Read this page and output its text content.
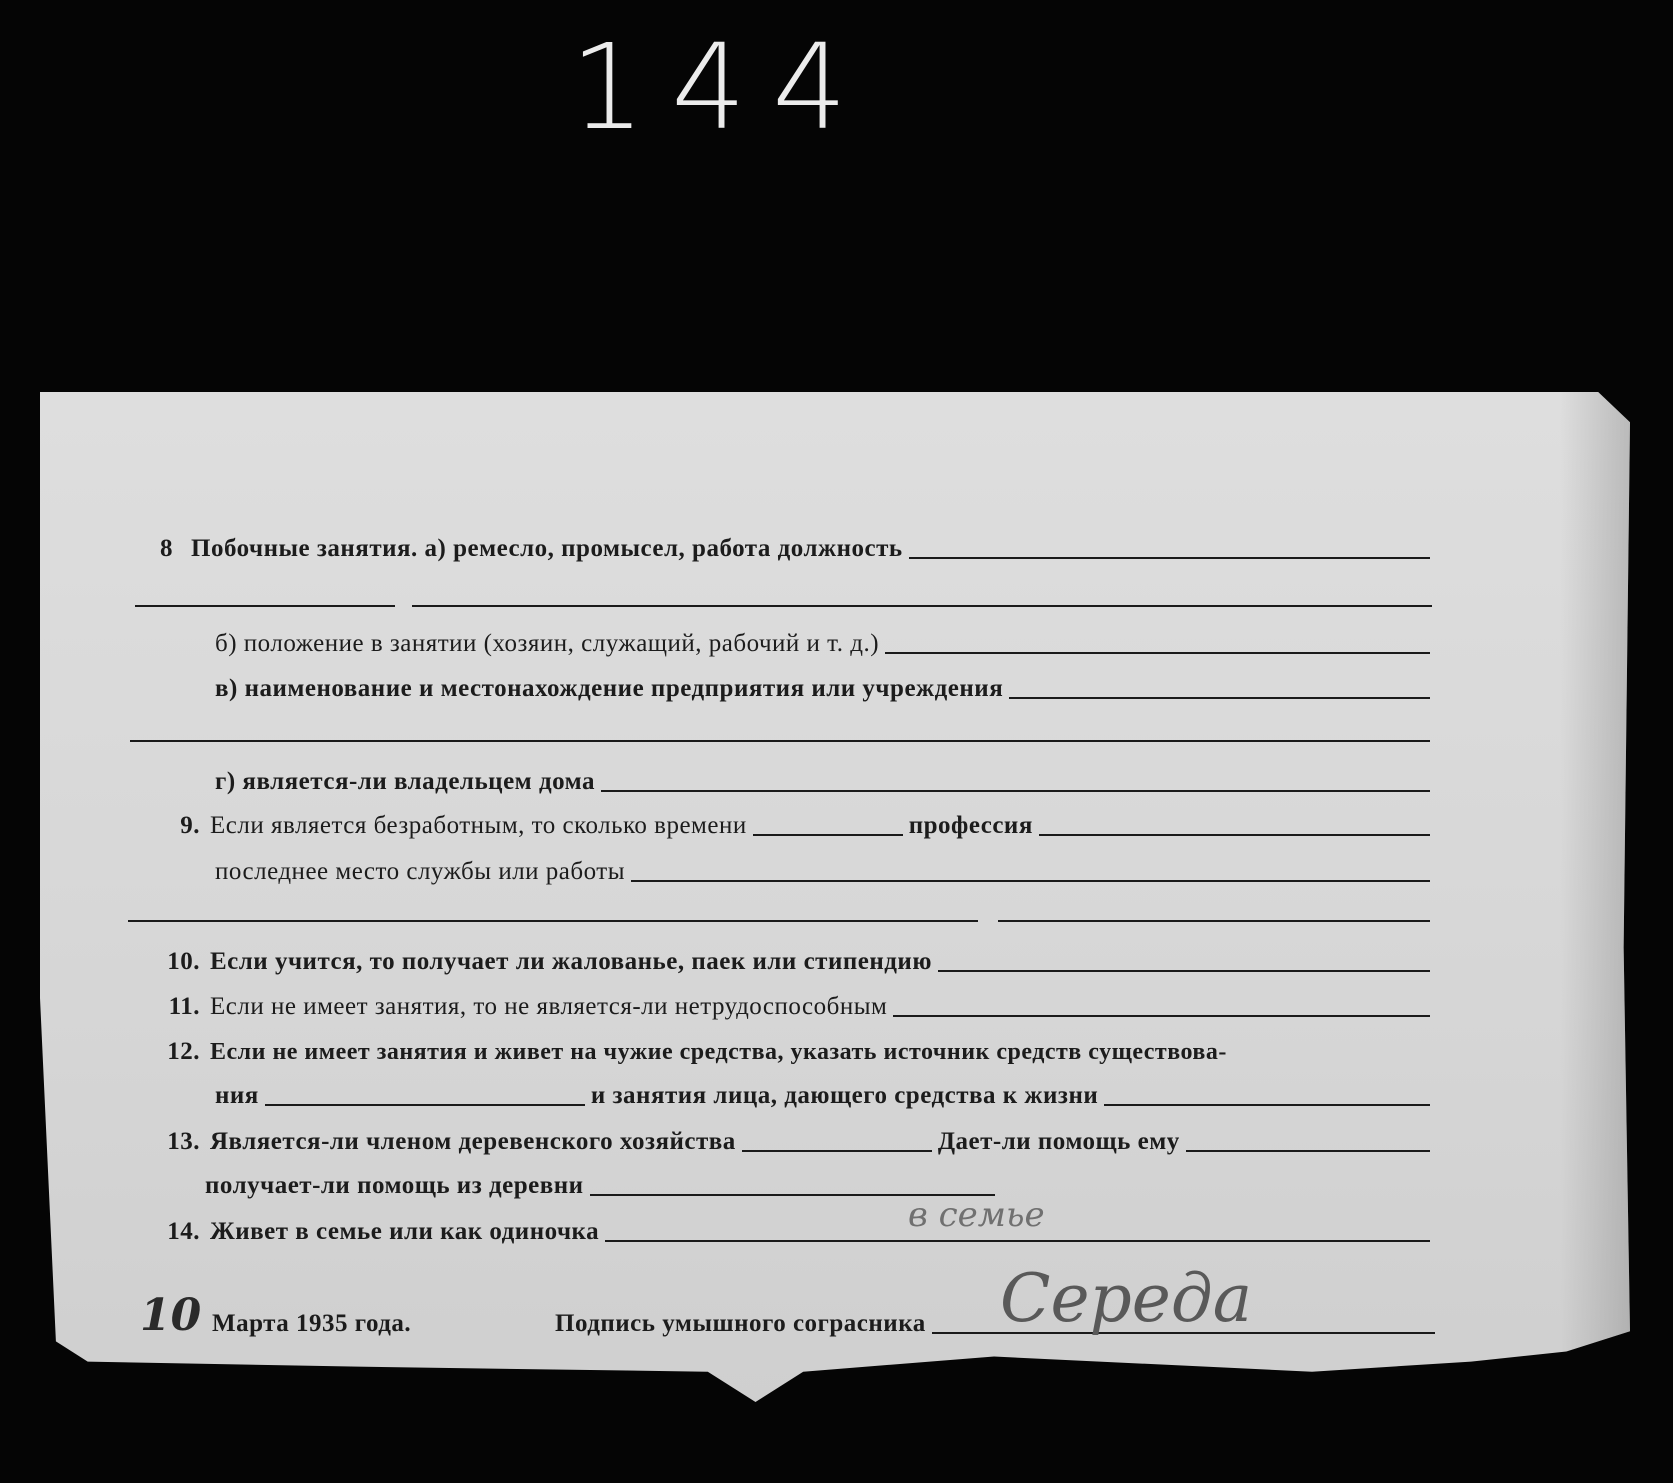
144
8 Побочные занятия. а) ремесло, промысел, работа должность
б) положение в занятии (хозяин, служащий, рабочий и т. д.)
в) наименование и местонахождение предприятия или учреждения
г) является-ли владельцем дома
9. Если является безработным, то сколько времени	профессия
последнее место службы или работы
10. Если учится, то получает ли жалованье, паек или стипендию
11. Если не имеет занятия, то не является-ли нетрудоспособным
12. Если не имеет занятия и живет на чужие средства, указать источник средств существова-
ния	и занятия лица, дающего средства к жизни
13. Является-ли членом деревенского хозяйства	Дает-ли помощь ему
получает-ли помощь из деревни
14. Живет в семье или как одиночка	в семье
10 Марта 1935 года.	Подпись умышного сограсника Середа
